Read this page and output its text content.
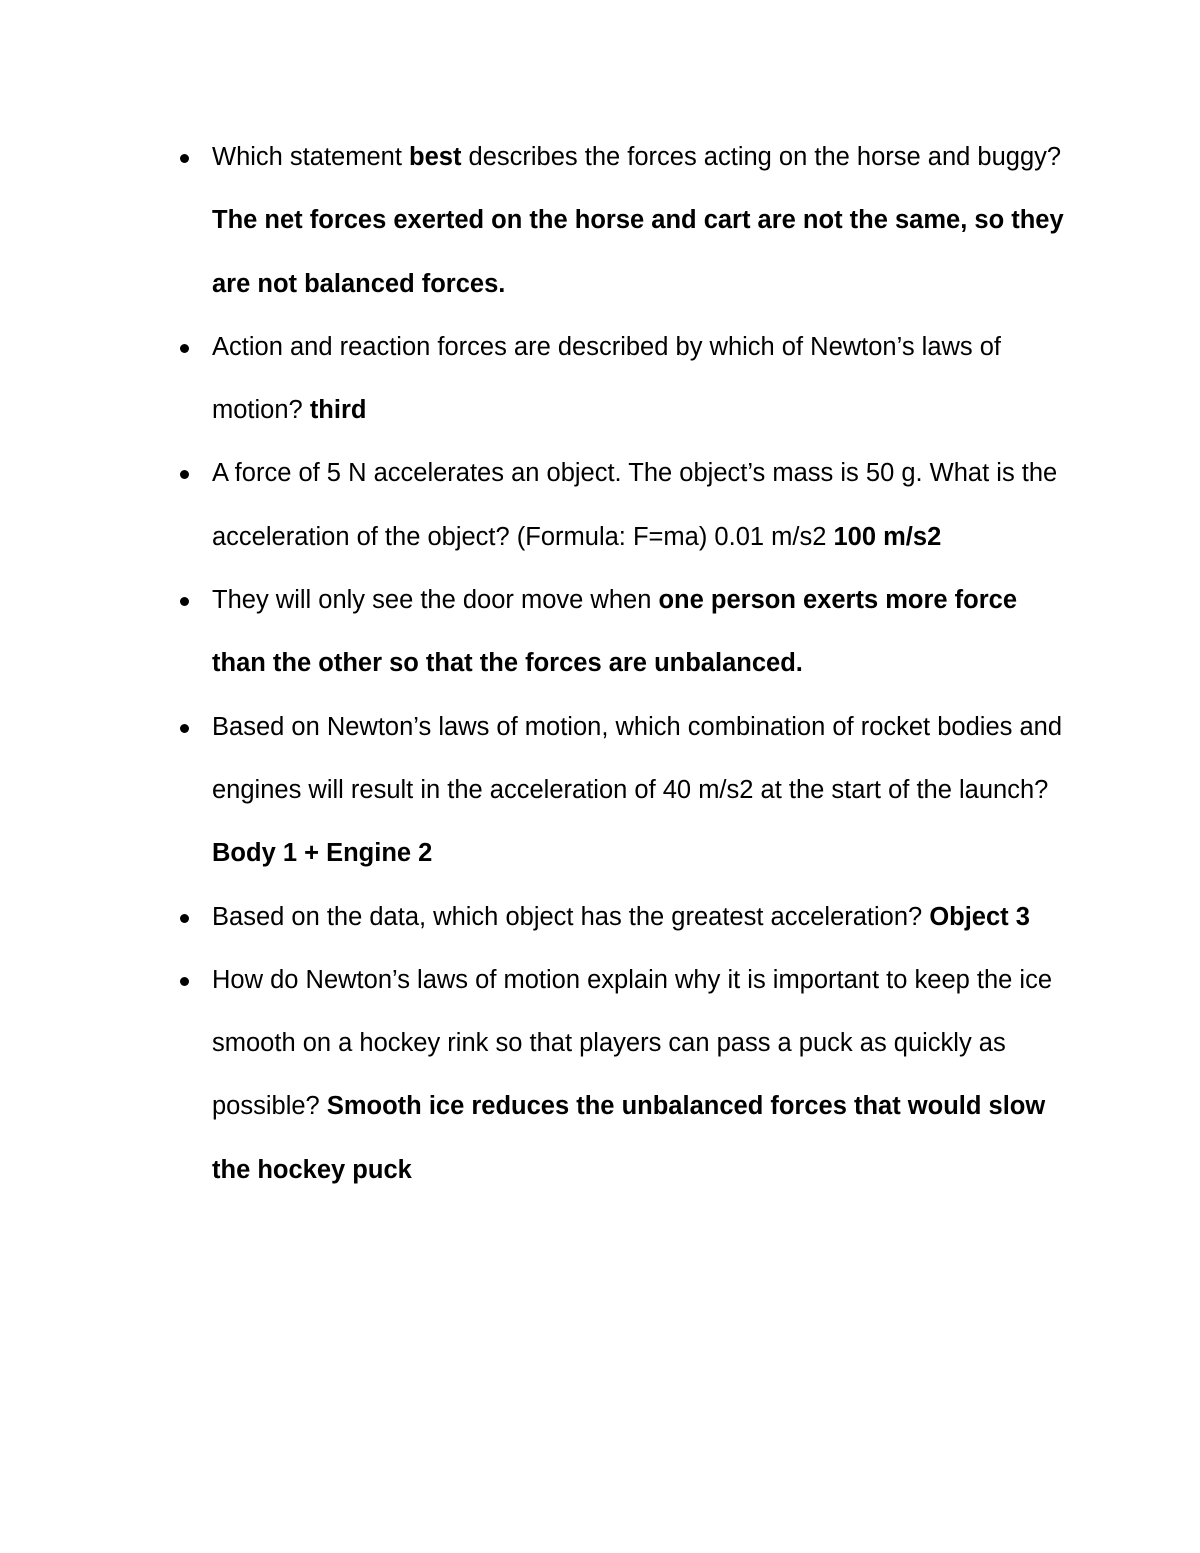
Which statement best describes the forces acting on the horse and buggy? The net forces exerted on the horse and cart are not the same, so they are not balanced forces.
Action and reaction forces are described by which of Newton’s laws of motion? third
A force of 5 N accelerates an object. The object’s mass is 50 g. What is the acceleration of the object? (Formula: F=ma) 0.01 m/s2 100 m/s2
They will only see the door move when one person exerts more force than the other so that the forces are unbalanced.
Based on Newton’s laws of motion, which combination of rocket bodies and engines will result in the acceleration of 40 m/s2 at the start of the launch? Body 1 + Engine 2
Based on the data, which object has the greatest acceleration? Object 3
How do Newton’s laws of motion explain why it is important to keep the ice smooth on a hockey rink so that players can pass a puck as quickly as possible? Smooth ice reduces the unbalanced forces that would slow the hockey puck
